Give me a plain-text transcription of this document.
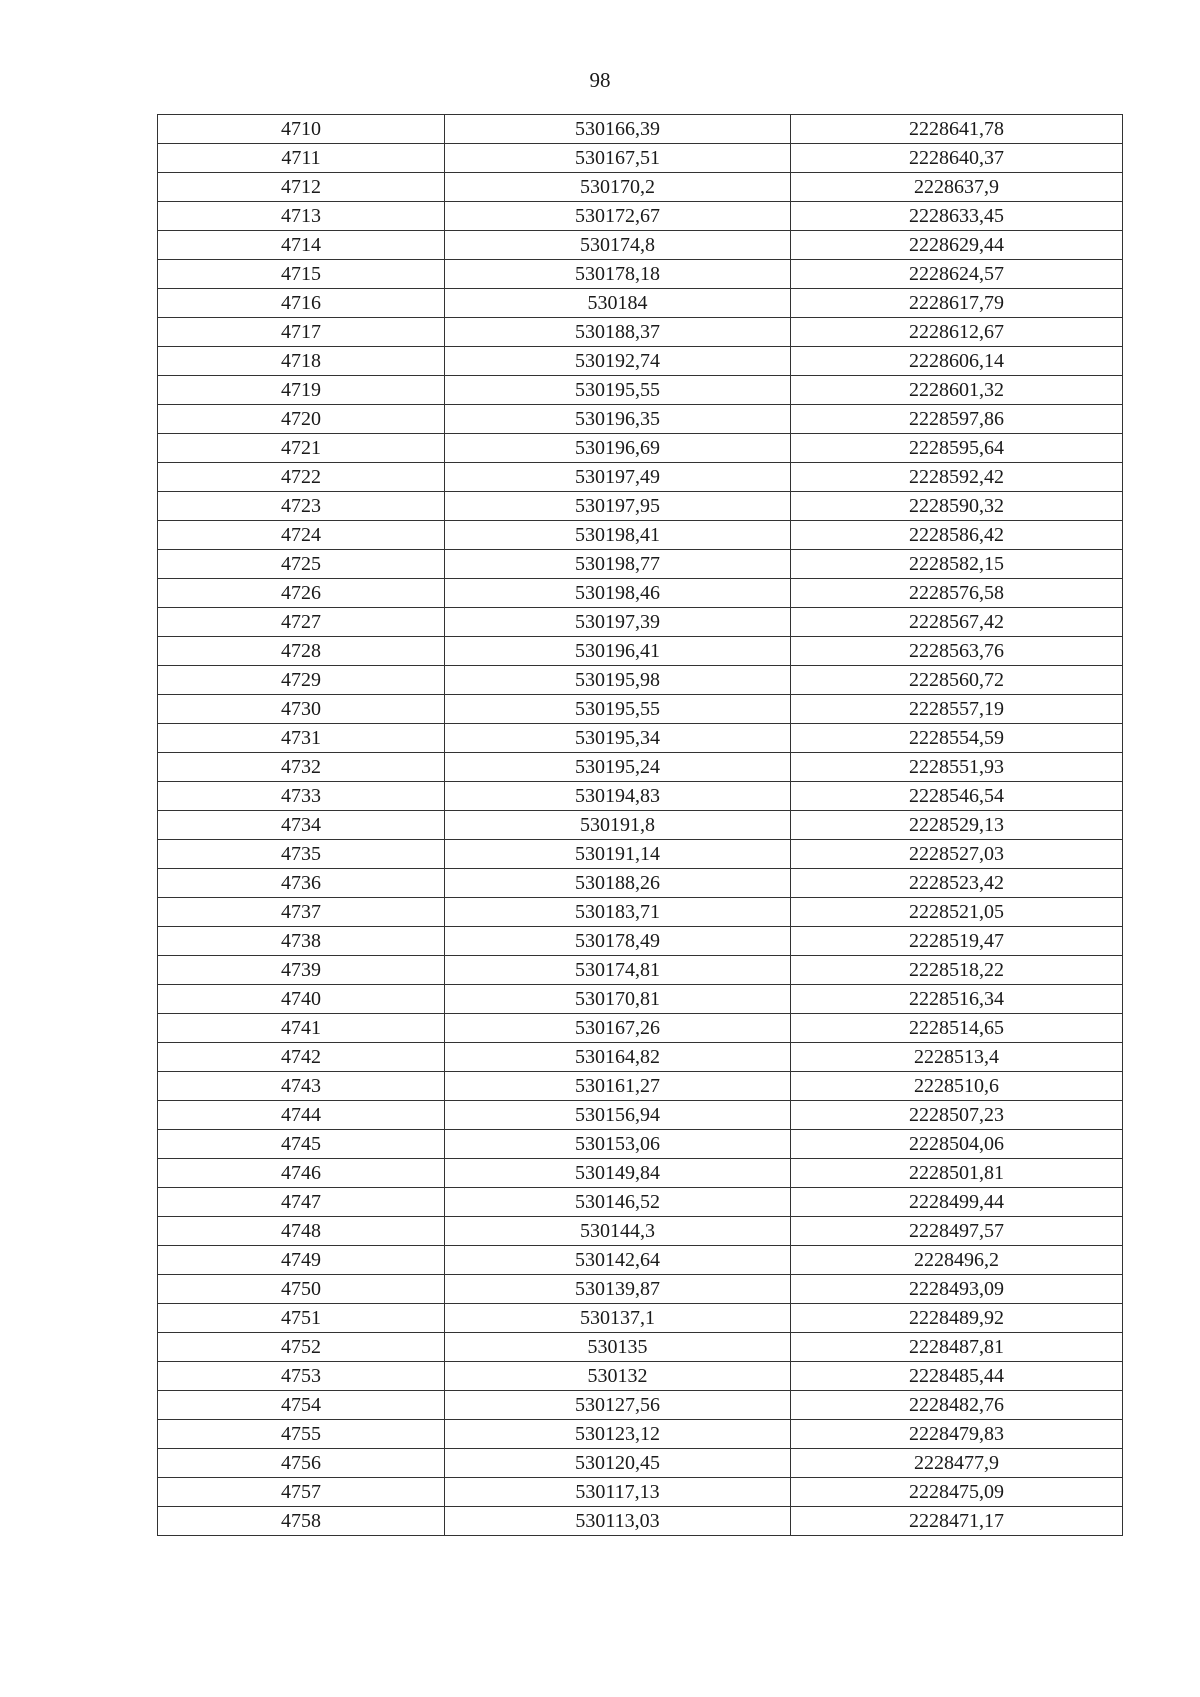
98
4710	530166,39	2228641,78
4711	530167,51	2228640,37
4712	530170,2	2228637,9
4713	530172,67	2228633,45
4714	530174,8	2228629,44
4715	530178,18	2228624,57
4716	530184	2228617,79
4717	530188,37	2228612,67
4718	530192,74	2228606,14
4719	530195,55	2228601,32
4720	530196,35	2228597,86
4721	530196,69	2228595,64
4722	530197,49	2228592,42
4723	530197,95	2228590,32
4724	530198,41	2228586,42
4725	530198,77	2228582,15
4726	530198,46	2228576,58
4727	530197,39	2228567,42
4728	530196,41	2228563,76
4729	530195,98	2228560,72
4730	530195,55	2228557,19
4731	530195,34	2228554,59
4732	530195,24	2228551,93
4733	530194,83	2228546,54
4734	530191,8	2228529,13
4735	530191,14	2228527,03
4736	530188,26	2228523,42
4737	530183,71	2228521,05
4738	530178,49	2228519,47
4739	530174,81	2228518,22
4740	530170,81	2228516,34
4741	530167,26	2228514,65
4742	530164,82	2228513,4
4743	530161,27	2228510,6
4744	530156,94	2228507,23
4745	530153,06	2228504,06
4746	530149,84	2228501,81
4747	530146,52	2228499,44
4748	530144,3	2228497,57
4749	530142,64	2228496,2
4750	530139,87	2228493,09
4751	530137,1	2228489,92
4752	530135	2228487,81
4753	530132	2228485,44
4754	530127,56	2228482,76
4755	530123,12	2228479,83
4756	530120,45	2228477,9
4757	530117,13	2228475,09
4758	530113,03	2228471,17
